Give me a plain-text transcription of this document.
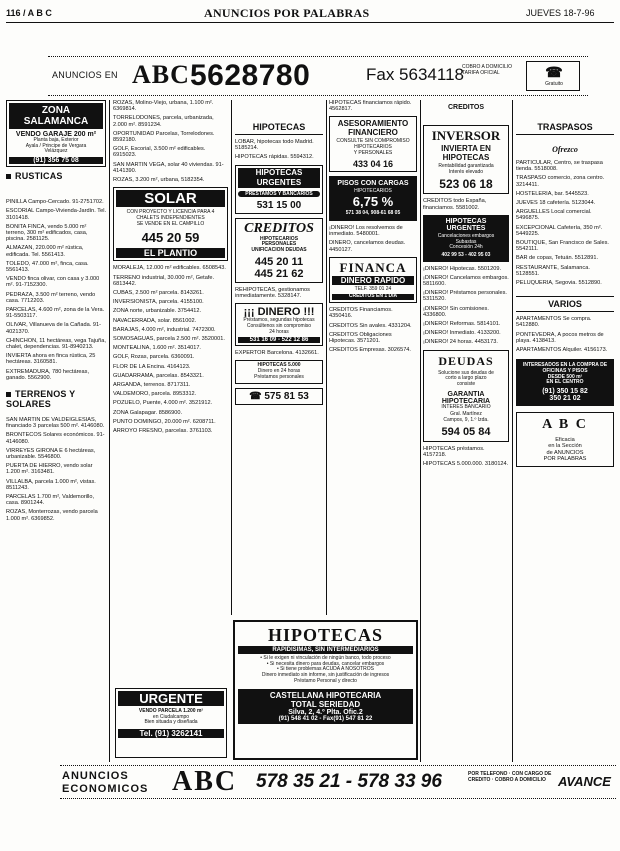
116 / A B C	ANUNCIOS POR PALABRAS	JUEVES 18-7-96
ANUNCIOS EN ABC 5628780	Fax 5634118
COBRO A DOMICILIO TARIFA OFICIAL
Gratuito
☎
ZONA SALAMANCA
VENDO GARAJE 200 m²
Planta baja, Exterior
Ayala / Principe de Vergara
Velázquez
(91) 356 75 08
RUSTICAS
PINILLA Campo-Cercado. 91-2751702.
ESCORIAL Campo-Vivienda-Jardín. Tel. 3101418.
BONITA FINCA, vendo 5.000 m² terreno, 300 m² edificados, casa, piscina. 2581125.
ALMAZAN, 220.000 m² rústica, edificada. Tel. 5561413.
TOLEDO, 47.000 m², finca, casa. 5561413.
VENDO finca olivar, con casa y 3.000 m². 91-7152300.
PEDRAZA, 3.500 m² terreno, vendo casa. 7712203.
PARCELAS, 4.600 m², zona de la Vera. 91-5503117.
OLIVAR, Villanueva de la Cañada. 91-4021370.
CHINCHON, 11 hectáreas, vega Tajuña, chalet, dependencias. 91-8940213.
INVIERTA ahora en finca rústica, 25 hectáreas. 3160581.
EXTREMADURA, 780 hectáreas, ganado. 5562900.
TERRENOS Y SOLARES
SAN MARTIN DE VALDEIGLESIAS, financiado 3 parcelas 500 m². 4146080.
BRONTECOS Solares económicos. 91-4146080.
VIRREYES GIRONA E 6 hectáreas, urbanizable. 5546800.
PUERTA DE HIERRO, vendo solar 1.200 m². 3163481.
VILLALBA, parcela 1.000 m², vistas. 8511243.
PARCELAS 1.700 m², Valdemorillo, casa. 8901244.
ROZAS, Monterrozas, vendo parcela 1.000 m². 6369852.
ROZAS, Molino-Viejo, urbana, 1.100 m². 6369814.
TORRELODONES, parcela, urbanizada, 2.000 m². 8591234.
OPORTUNIDAD Parcelas, Torrelodones. 8592180.
GOLF, Escorial, 3.500 m² edificables. 6915023.
SAN MARTIN VEGA, solar 40 viviendas. 91-4141390.
ROZAS, 3.200 m², urbana, 5182354.
SOLAR
CON PROYECTO Y LICENCIA PARA 4
CHALETS INDEPENDIENTES
SE VENDE EN EL CAMPILLO
445 20 59
EL PLANTIO
MORALEJA, 12.000 m² edificables. 6508543.
TERRENO industrial, 30.000 m², Getafe. 6813442.
CUBAS, 2.500 m² parcela. 8143261.
INVERSIONISTA, parcela. 4155100.
ZONA norte, urbanizable. 3754412.
NAVACERRADA, solar. 8561002.
BARAJAS, 4.000 m², industrial. 7472300.
SOMOSAGUAS, parcela 2.500 m². 3520001.
MONTEALINA, 1.600 m². 3514017.
GOLF, Rozas, parcela. 6360091.
FLOR DE LA Encina. 4164123.
GUADARRAMA, parcelas. 8543321.
ARGANDA, terrenos. 8717311.
VALDEMORO, parcela. 8953312.
POZUELO, Puente, 4.000 m². 3521912.
ZONA Galapagar. 8586900.
PUNTO DOMINGO, 20.000 m². 6208711.
ARROYO FRESNO, parcelas. 3761103.
URGENTE
VENDO PARCELA 1.200 m²
en Ciudalcampo
Bien situada y diseñada
Tel. (91) 3262141
HIPOTECAS
LOBAR, hipotecas todo Madrid. 5185214.
HIPOTECAS rápidas. 5594312.
HIPOTECAS URGENTES
PRESTAMOS Y BANCARIOS
531 15 00
CREDITOS
HIPOTECARIOS
PERSONALES
UNIFICACION DEUDAS
445 20 11
445 21 62
REHIPOTECAS, gestionamos inmediatamente. 5328147.
¡¡¡ DINERO !!!
Préstamos, segundas hipotecas
Consúltenos sin compromiso
24 horas
531 16 09 - 522 12 86
EXPERTOR Barcelona. 4132661.
HIPOTECAS 5.000
Dinero en 24 horas
Préstamos personales
☎ 575 81 53
HIPOTECAS financiamos rápido. 4562817.
ASESORAMIENTO FINANCIERO
CONSULTE SIN COMPROMISO
HIPOTECARIOS
Y PERSONALES
433 04 16
PISOS CON CARGAS
HIPOTECARIOS
6,75 %
571 38 04, 908-61 68 05
¡DINERO! Los resolvemos de inmediato. 5480001.
DINERO, cancelamos deudas. 4450127.
FINANCA
DINERO RAPIDO
TELF. 359 01 24
CREDITOS EN 1 DIA
CREDITOS Financiamos. 4350416.
CREDITOS Sin avales. 4331204.
CREDITOS Obligaciones Hipotecas. 3571201.
CREDITOS Empresas. 3026574.
HIPOTECAS
RAPIDISIMAS, SIN INTERMEDIARIOS
• Si le exigen ni vinculación de ningún banco, todo proceso
• Si necesita dinero para deudas, cancelar embargos
• Si tiene problemas ACUDA A NOSOTROS
Dinero inmediato sin informe, sin justificación de ingresos
Préstamo Personal y directo
CASTELLANA HIPOTECARIA
TOTAL SERIEDAD
Silva, 2, 4.º Plta. Ofic.2
(91) 548 41 02 - Fax(91) 547 81 22
CREDITOS
INVERSOR
INVIERTA EN HIPOTECAS
Rentabilidad garantizada
Interés elevado
523 06 18
CREDITOS todo España, financiamos. 5581002.
HIPOTECAS URGENTES
Cancelaciones embargos
Subastas
Concesión 24h
402 99 53 - 402 95 03
¡DINERO! Hipotecas. 5501209.
¡DINERO! Cancelamos embargos. 5811600.
¡DINERO! Préstamos personales. 5311520.
¡DINERO! Sin comisiones. 4336800.
¡DINERO! Reformas. 5814101.
¡DINERO! Inmediato. 4133200.
¡DINERO! 24 horas. 4453173.
DEUDAS
Solucione sus deudas de
corto a largo plazo
consiste
GARANTIA HIPOTECARIA
INTERES BANCARIO
Gral. Martínez
Campos, 9, 1.º Izda.
594 05 84
HIPOTECAS préstamos. 4157218.
HIPOTECAS 5.000.000. 3180124.
TRASPASOS
Ofrezco
PARTICULAR, Centro, se traspasa tienda. 5518008.
TRASPASO comercio, zona centro. 3214411.
HOSTELERIA, bar. 5445523.
JUEVES 18 cafetería. 5123044.
ARGUELLES Local comercial. 5496875.
EXCEPCIONAL Cafetería, 350 m². 5449225.
BOUTIQUE, San Francisco de Sales. 5542111.
BAR de copas, Tetuán. 5512891.
RESTAURANTE, Salamanca. 5128551.
PELUQUERIA, Segovia. 5512890.
VARIOS
APARTAMENTOS Se compra. 5412880.
PONTEVEDRA, A pocos metros de playa. 4138413.
APARTAMENTOS Alquiler. 4156173.
INTERESADOS EN LA COMPRA DE OFICINAS Y PISOS
DESDE 500 m²
EN EL CENTRO
(91) 350 15 82
350 21 02
A B C
Eficacia
en la Sección
de ANUNCIOS
POR PALABRAS
ANUNCIOS
ECONOMICOS ABC 578 35 21 - 578 33 96	POR TELEFONO · CON CARGO DE CREDITO · COBRO A DOMICILIO AVANCE
